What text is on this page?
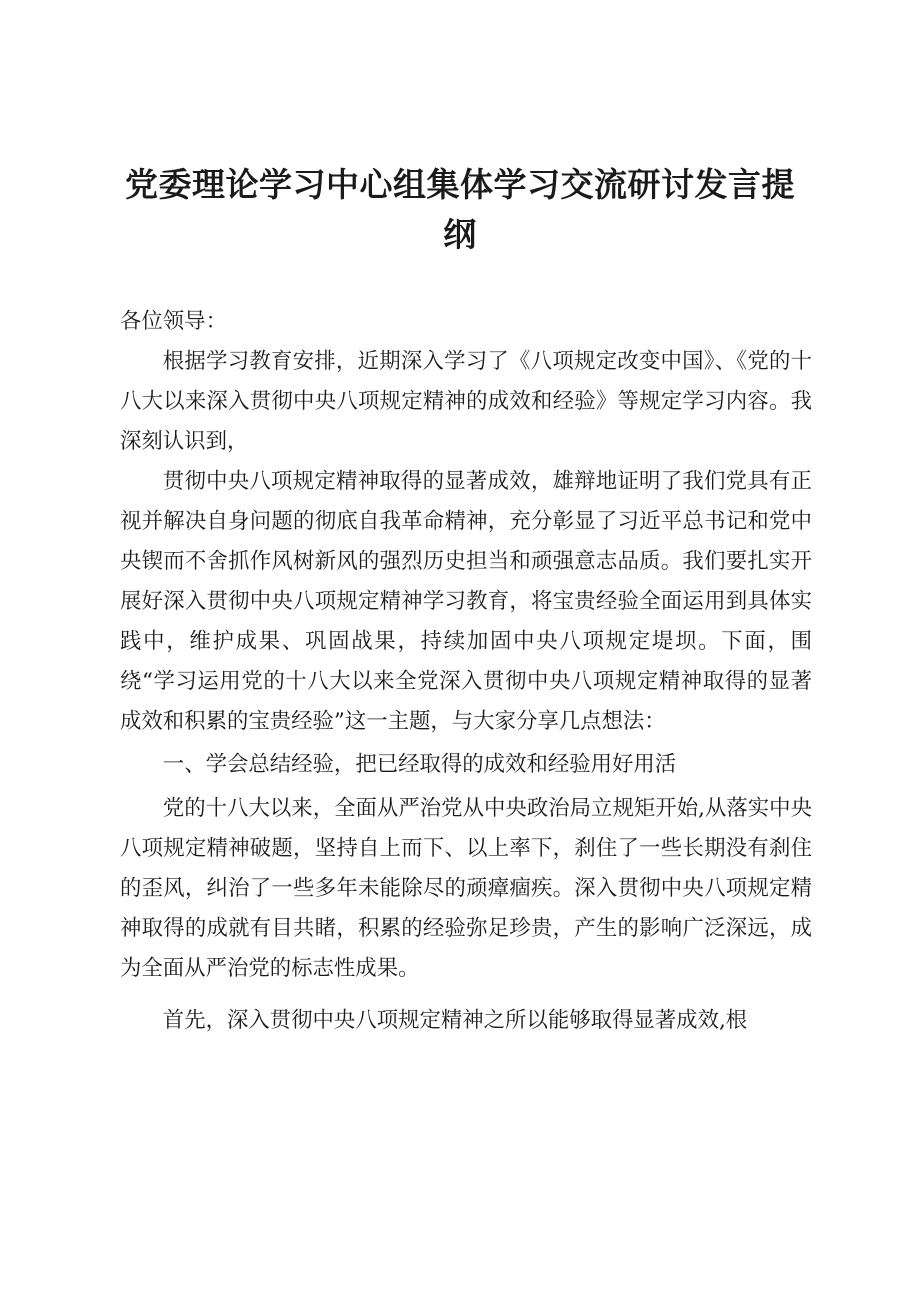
党委理论学习中心组集体学习交流研讨发言提纲

各位领导：

根据学习教育安排，近期深入学习了《八项规定改变中国》、《党的十八大以来深入贯彻中央八项规定精神的成效和经验》等规定学习内容。我深刻认识到，

贯彻中央八项规定精神取得的显著成效，雄辩地证明了我们党具有正视并解决自身问题的彻底自我革命精神，充分彰显了习近平总书记和党中央锲而不舍抓作风树新风的强烈历史担当和顽强意志品质。我们要扎实开展好深入贯彻中央八项规定精神学习教育，将宝贵经验全面运用到具体实践中，维护成果、巩固战果，持续加固中央八项规定堤坝。下面，围绕“学习运用党的十八大以来全党深入贯彻中央八项规定精神取得的显著成效和积累的宝贵经验”这一主题，与大家分享几点想法：

一、学会总结经验，把已经取得的成效和经验用好用活

党的十八大以来，全面从严治党从中央政治局立规矩开始,从落实中央八项规定精神破题，坚持自上而下、以上率下，刹住了一些长期没有刹住的歪风，纠治了一些多年未能除尽的顽瘴痼疾。深入贯彻中央八项规定精神取得的成就有目共睹，积累的经验弥足珍贵，产生的影响广泛深远，成为全面从严治党的标志性成果。

首先，深入贯彻中央八项规定精神之所以能够取得显著成效,根
